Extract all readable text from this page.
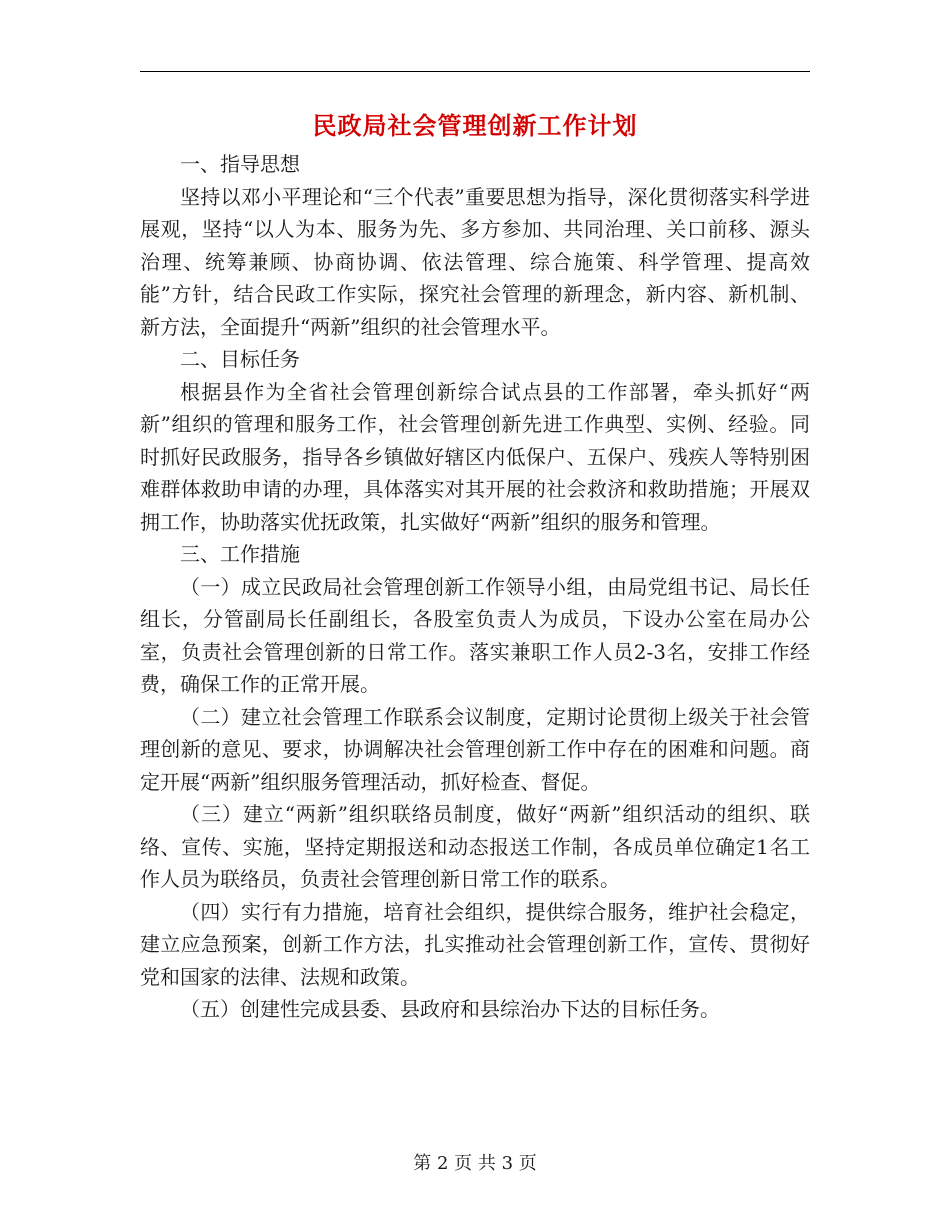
民政局社会管理创新工作计划

一、指导思想

坚持以邓小平理论和“三个代表”重要思想为指导，深化贯彻落实科学进展观，坚持“以人为本、服务为先、多方参加、共同治理、关口前移、源头治理、统筹兼顾、协商协调、依法管理、综合施策、科学管理、提高效能”方针，结合民政工作实际，探究社会管理的新理念，新内容、新机制、新方法，全面提升“两新”组织的社会管理水平。

二、目标任务

根据县作为全省社会管理创新综合试点县的工作部署，牵头抓好“两新”组织的管理和服务工作，社会管理创新先进工作典型、实例、经验。同时抓好民政服务，指导各乡镇做好辖区内低保户、五保户、残疾人等特别困难群体救助申请的办理，具体落实对其开展的社会救济和救助措施；开展双拥工作，协助落实优抚政策，扎实做好“两新”组织的服务和管理。

三、工作措施

（一）成立民政局社会管理创新工作领导小组，由局党组书记、局长任组长，分管副局长任副组长，各股室负责人为成员，下设办公室在局办公室，负责社会管理创新的日常工作。落实兼职工作人员2-3名，安排工作经费，确保工作的正常开展。

（二）建立社会管理工作联系会议制度，定期讨论贯彻上级关于社会管理创新的意见、要求，协调解决社会管理创新工作中存在的困难和问题。商定开展“两新”组织服务管理活动，抓好检查、督促。

（三）建立“两新”组织联络员制度，做好“两新”组织活动的组织、联络、宣传、实施，坚持定期报送和动态报送工作制，各成员单位确定1名工作人员为联络员，负责社会管理创新日常工作的联系。

（四）实行有力措施，培育社会组织，提供综合服务，维护社会稳定，建立应急预案，创新工作方法，扎实推动社会管理创新工作，宣传、贯彻好党和国家的法律、法规和政策。

（五）创建性完成县委、县政府和县综治办下达的目标任务。

第 2 页 共 3 页
